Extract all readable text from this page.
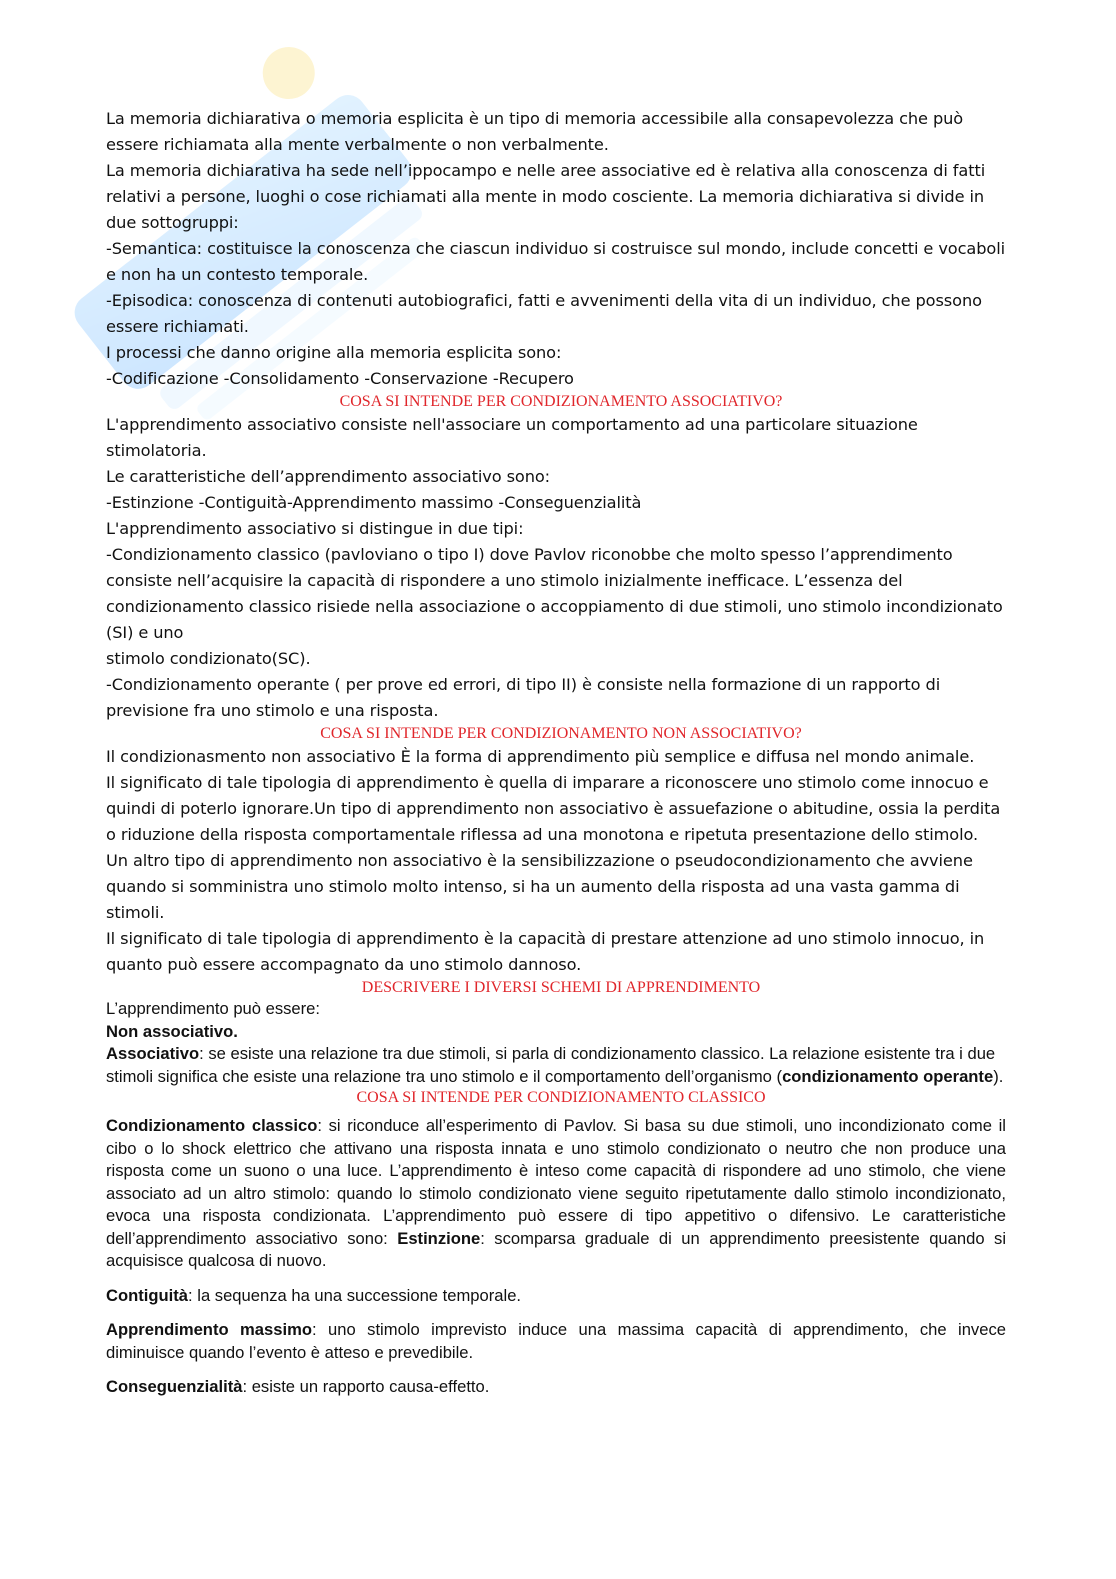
La memoria dichiarativa o memoria esplicita è un tipo di memoria accessibile alla consapevolezza che può essere richiamata alla mente verbalmente o non verbalmente.

La memoria dichiarativa ha sede nell’ippocampo e nelle aree associative ed è relativa alla conoscenza di fatti relativi a persone, luoghi o cose richiamati alla mente in modo cosciente. La memoria dichiarativa si divide in due sottogruppi:

-Semantica: costituisce la conoscenza che ciascun individuo si costruisce sul mondo, include concetti e vocaboli e non ha un contesto temporale.

-Episodica: conoscenza di contenuti autobiografici, fatti e avvenimenti della vita di un individuo, che possono essere richiamati.

I processi che danno origine alla memoria esplicita sono:

-Codificazione -Consolidamento -Conservazione -Recupero

COSA SI INTENDE PER CONDIZIONAMENTO ASSOCIATIVO?

L'apprendimento associativo consiste nell'associare un comportamento ad una particolare situazione stimolatoria.

Le caratteristiche dell’apprendimento associativo sono:

-Estinzione -Contiguità-Apprendimento massimo -Conseguenzialità

L'apprendimento associativo si distingue in due tipi:

-Condizionamento classico (pavloviano o tipo I) dove Pavlov riconobbe che molto spesso l’apprendimento consiste nell’acquisire la capacità di rispondere a uno stimolo inizialmente inefficace. L’essenza del condizionamento classico risiede nella associazione o accoppiamento di due stimoli, uno stimolo incondizionato (SI) e uno

stimolo condizionato(SC).

-Condizionamento operante ( per prove ed errori, di tipo II) è consiste nella formazione di un rapporto di previsione fra uno stimolo e una risposta.

COSA SI INTENDE PER CONDIZIONAMENTO NON ASSOCIATIVO?

Il condizionasmento non associativo È la forma di apprendimento più semplice e diffusa nel mondo animale.

Il significato di tale tipologia di apprendimento è quella di imparare a riconoscere uno stimolo come innocuo e quindi di poterlo ignorare.Un tipo di apprendimento non associativo è assuefazione o abitudine, ossia la perdita o riduzione della risposta comportamentale riflessa ad una monotona e ripetuta presentazione dello stimolo.

Un altro tipo di apprendimento non associativo è la sensibilizzazione o pseudocondizionamento che avviene quando si somministra uno stimolo molto intenso, si ha un aumento della risposta ad una vasta gamma di stimoli.

Il significato di tale tipologia di apprendimento è la capacità di prestare attenzione ad uno stimolo innocuo, in quanto può essere accompagnato da uno stimolo dannoso.

DESCRIVERE I DIVERSI SCHEMI DI APPRENDIMENTO

L’apprendimento può essere:

Non associativo.

Associativo: se esiste una relazione tra due stimoli, si parla di condizionamento classico. La relazione esistente tra i due stimoli significa che esiste una relazione tra uno stimolo e il comportamento dell’organismo (condizionamento operante).

COSA SI INTENDE PER CONDIZIONAMENTO CLASSICO

Condizionamento classico: si riconduce all’esperimento di Pavlov. Si basa su due stimoli, uno incondizionato come il cibo o lo shock elettrico che attivano una risposta innata e uno stimolo condizionato o neutro che non produce una risposta come un suono o una luce. L’apprendimento è inteso come capacità di rispondere ad uno stimolo, che viene associato ad un altro stimolo: quando lo stimolo condizionato viene seguito ripetutamente dallo stimolo incondizionato, evoca una risposta condizionata. L’apprendimento può essere di tipo appetitivo o difensivo. Le caratteristiche dell’apprendimento associativo sono: Estinzione: scomparsa graduale di un apprendimento preesistente quando si acquisisce qualcosa di nuovo.

Contiguità: la sequenza ha una successione temporale.

Apprendimento massimo: uno stimolo imprevisto induce una massima capacità di apprendimento, che invece diminuisce quando l’evento è atteso e prevedibile.

Conseguenzialità: esiste un rapporto causa-effetto.
